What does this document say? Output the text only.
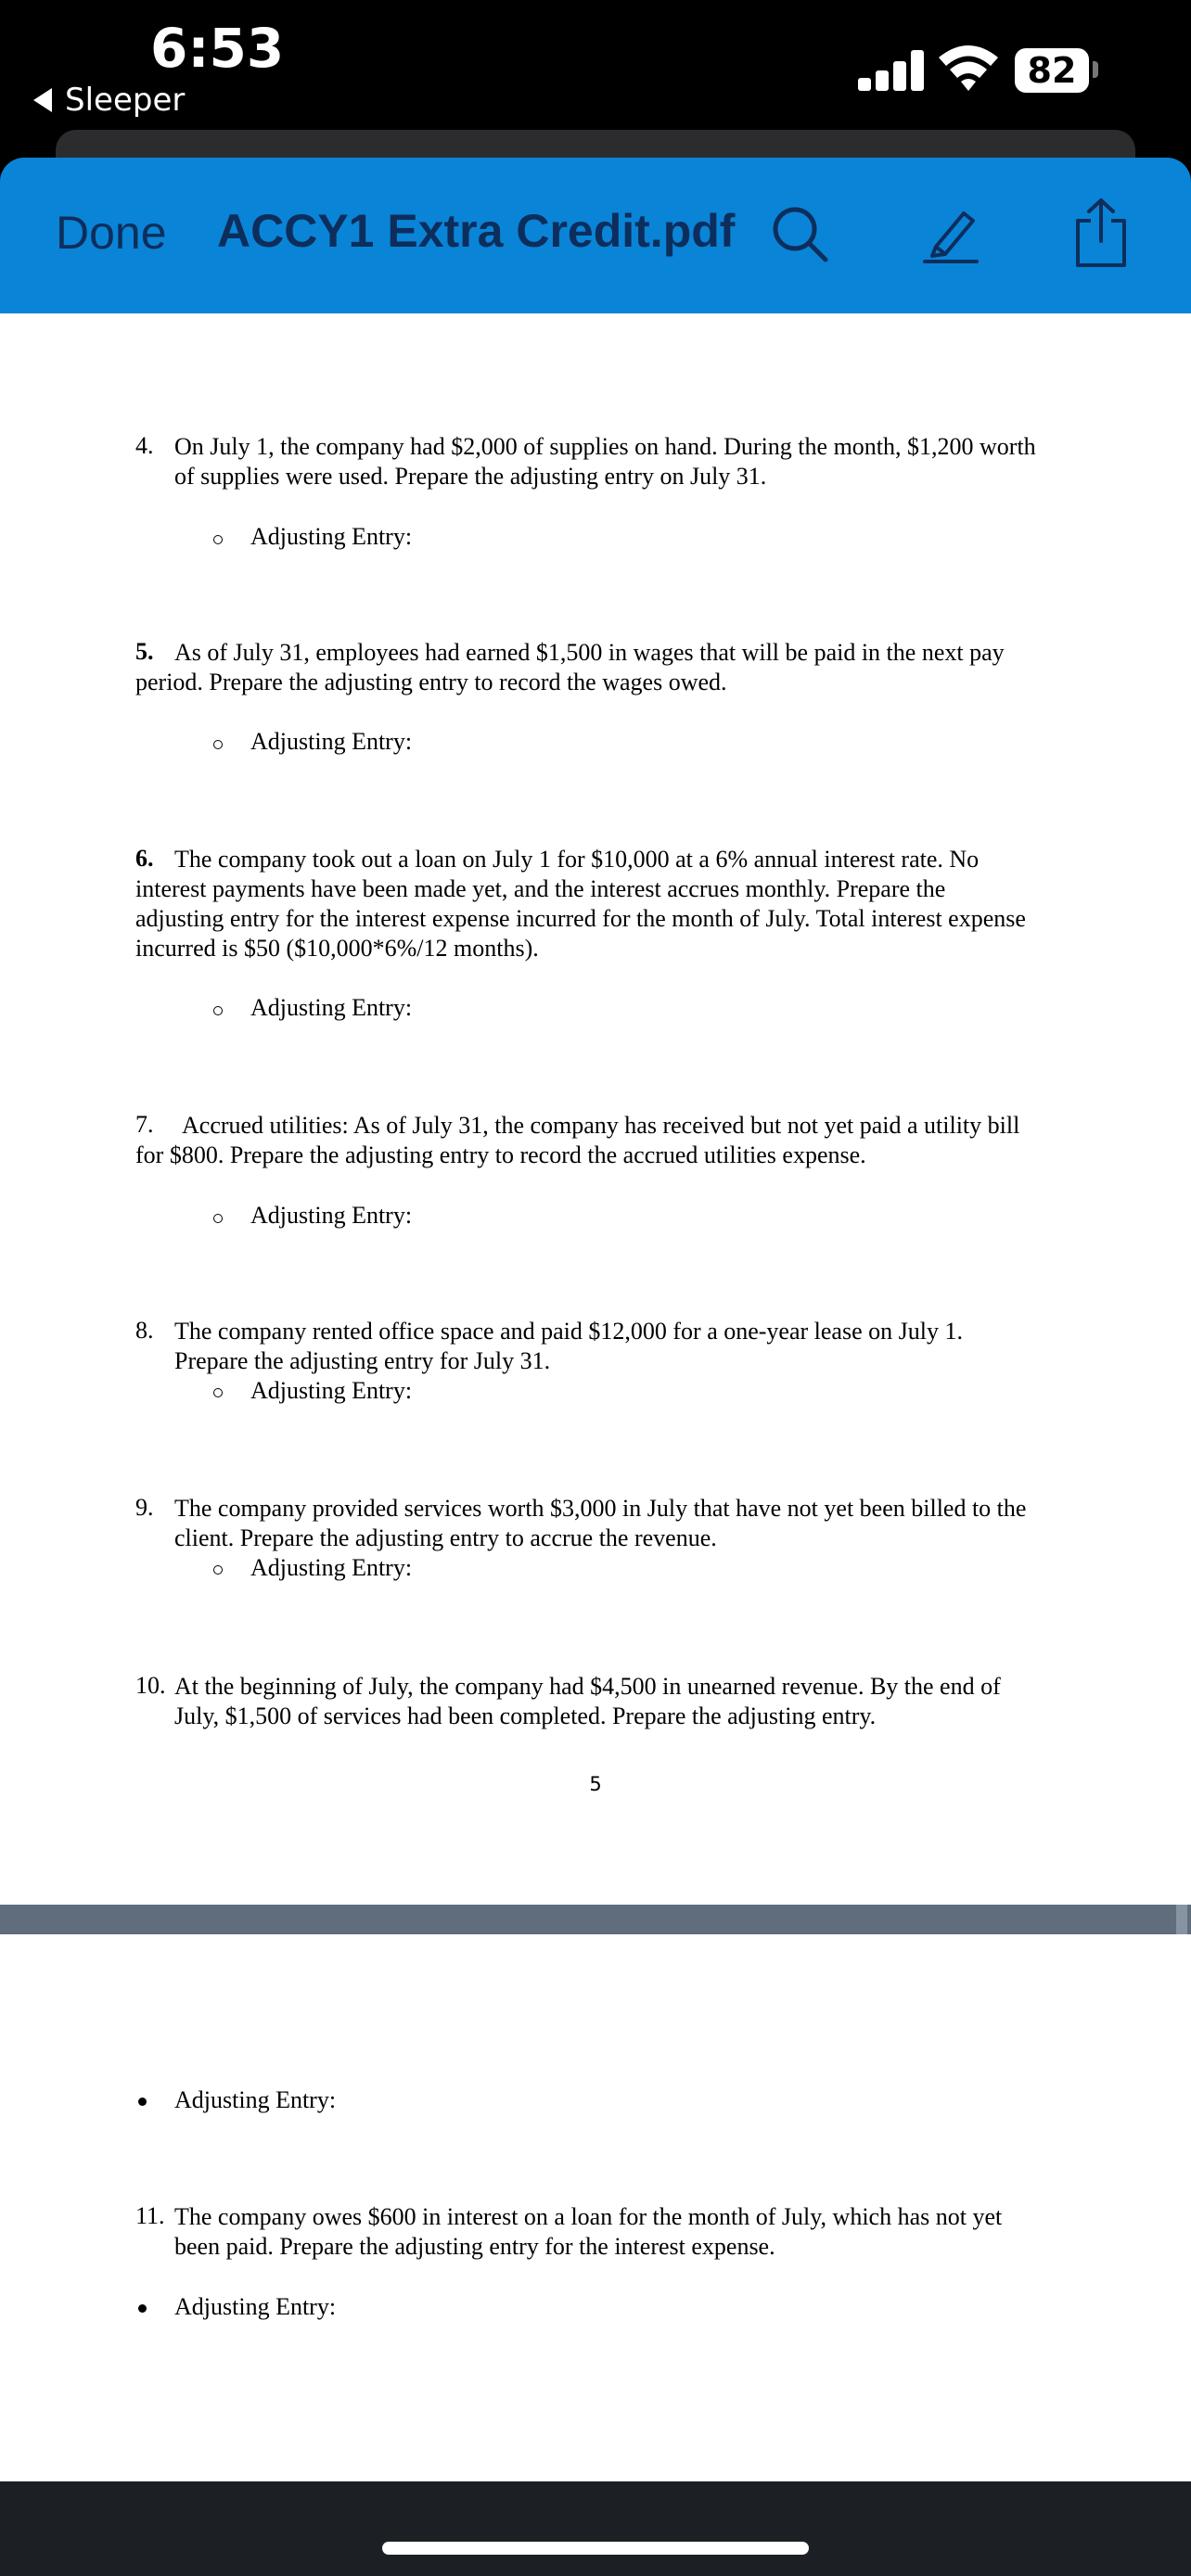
6:53
Sleeper
82
Done ACCY1 Extra Credit.pdf
4. On July 1, the company had $2,000 of supplies on hand. During the month, $1,200 worth
of supplies were used. Prepare the adjusting entry on July 31.
Adjusting Entry:
5. As of July 31, employees had earned $1,500 in wages that will be paid in the next pay
period. Prepare the adjusting entry to record the wages owed.
Adjusting Entry:
6. The company took out a loan on July 1 for $10,000 at a 6% annual interest rate. No
interest payments have been made yet, and the interest accrues monthly. Prepare the
adjusting entry for the interest expense incurred for the month of July. Total interest expense
incurred is $50 ($10,000*6%/12 months).
Adjusting Entry:
7. Accrued utilities: As of July 31, the company has received but not yet paid a utility bill
for $800. Prepare the adjusting entry to record the accrued utilities expense.
Adjusting Entry:
8. The company rented office space and paid $12,000 for a one-year lease on July 1.
Prepare the adjusting entry for July 31.
Adjusting Entry:
9. The company provided services worth $3,000 in July that have not yet been billed to the
client. Prepare the adjusting entry to accrue the revenue.
Adjusting Entry:
10. At the beginning of July, the company had $4,500 in unearned revenue. By the end of
July, $1,500 of services had been completed. Prepare the adjusting entry.
5
Adjusting Entry:
11. The company owes $600 in interest on a loan for the month of July, which has not yet
been paid. Prepare the adjusting entry for the interest expense.
Adjusting Entry:
